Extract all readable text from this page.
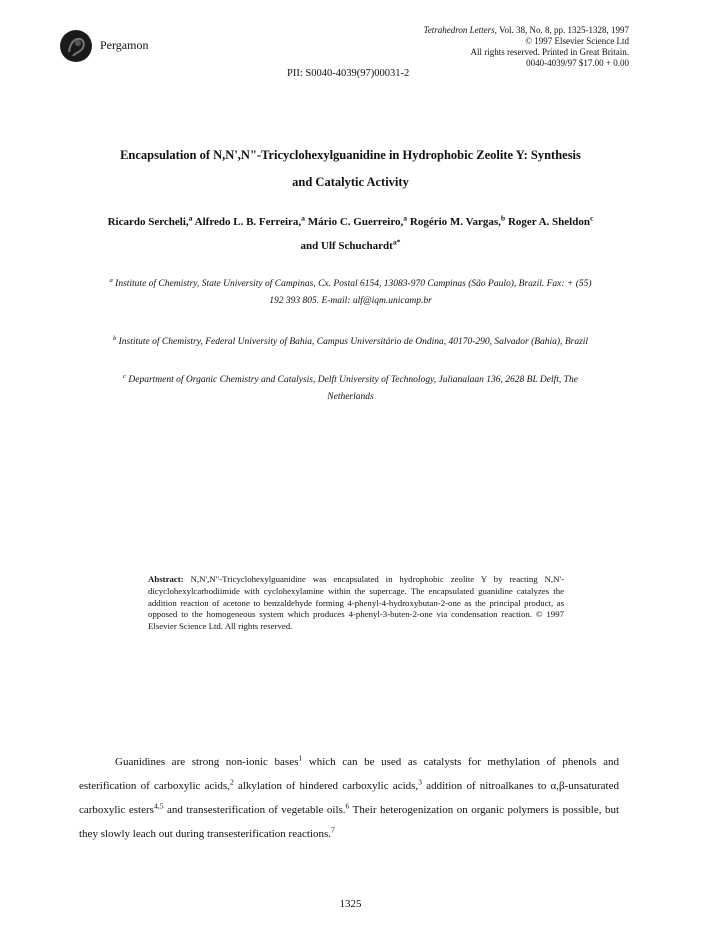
Pergamon
Tetrahedron Letters, Vol. 38, No. 8, pp. 1325-1328, 1997
© 1997 Elsevier Science Ltd
All rights reserved. Printed in Great Britain.
0040-4039/97 $17.00 + 0.00
PII: S0040-4039(97)00031-2
Encapsulation of N,N',N"-Tricyclohexylguanidine in Hydrophobic Zeolite Y: Synthesis
and Catalytic Activity
Ricardo Sercheli,$^a$ Alfredo L. B. Ferreira,$^a$ Mário C. Guerreiro,$^a$ Rogério M. Vargas,$^b$ Roger A. Sheldon$^c$
and Ulf Schuchardt$^{a*}$
$^a$ Institute of Chemistry, State University of Campinas, Cx. Postal 6154, 13083-970 Campinas (São Paulo), Brazil. Fax: + (55)
192 393 805. E-mail: ulf@iqm.unicamp.br
$^b$ Institute of Chemistry, Federal University of Bahia, Campus Universitário de Ondina, 40170-290, Salvador (Bahia), Brazil
$^c$ Department of Organic Chemistry and Catalysis, Delft University of Technology, Julianalaan 136, 2628 BL Delft, The
Netherlands
Abstract: N,N',N"-Tricyclohexylguanidine was encapsulated in hydrophobic zeolite Y by reacting N,N'-dicyclohexylcarbodiimide with cyclohexylamine within the supercage. The encapsulated guanidine catalyzes the addition reaction of acetone to benzaldehyde forming 4-phenyl-4-hydroxybutan-2-one as the principal product, as opposed to the homogeneous system which produces 4-phenyl-3-buten-2-one via condensation reaction. © 1997 Elsevier Science Ltd. All rights reserved.

Guanidines are strong non-ionic bases$^1$ which can be used as catalysts for methylation of phenols and esterification of carboxylic acids,$^2$ alkylation of hindered carboxylic acids,$^3$ addition of nitroalkanes to α,β-unsaturated carboxylic esters$^{4,5}$ and transesterification of vegetable oils.$^6$ Their heterogenization on organic polymers is possible, but they slowly leach out during transesterification reactions.$^7$

1325
